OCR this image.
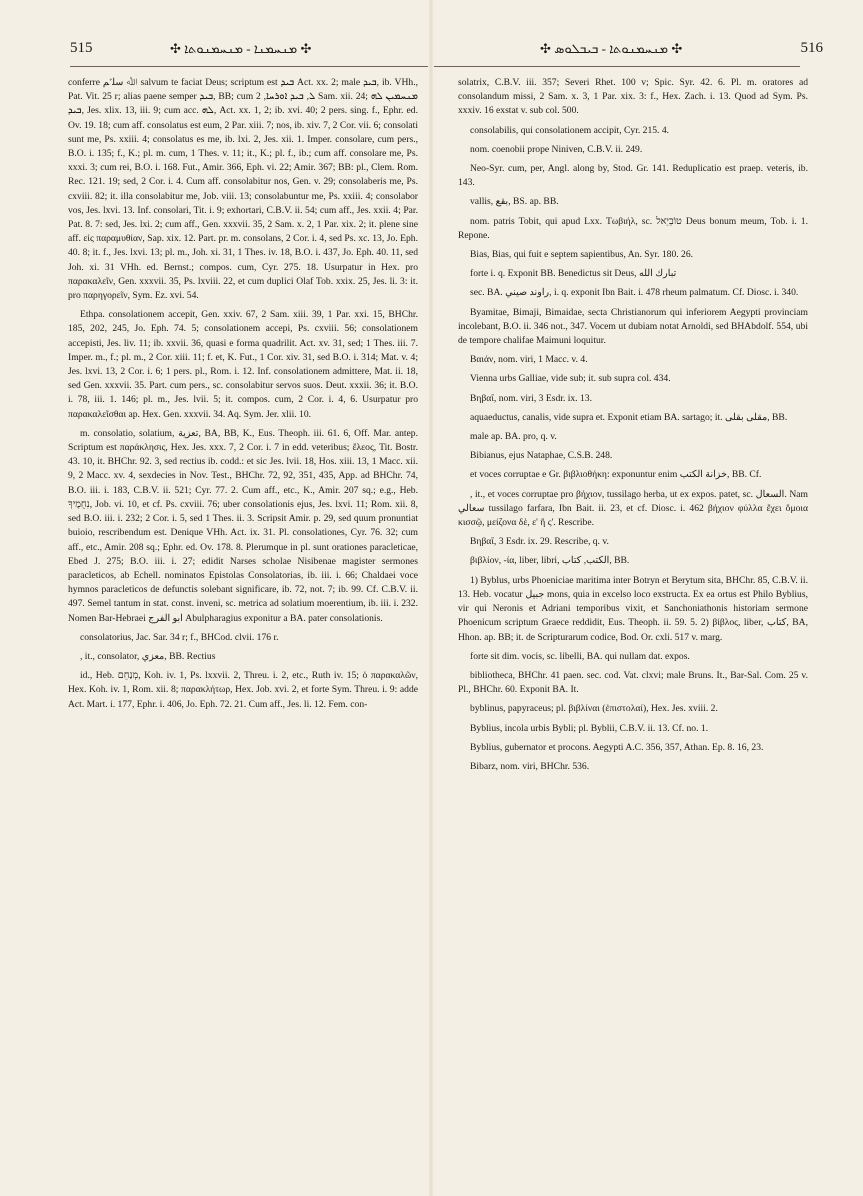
515	✣ ܡܢܚܡܢܐ - ܡܢܚܡܢܘܬܐ ✣	✣ ܡܢܚܡܢܘܬܐ - ܒܝܒܠܘܣ ✣	516

conferre ﷲ ﺳﻠﱠﻢ salvum te faciat Deus; scriptum est ܒܝܕ Act. xx. 2; male ܒܝܕ, ib. VHh., Pat. Vit. 25 r; alias paene semper ܒܝܕ, BB; cum ܠ, ܒܝܕ ܐܘܪܚܐ, 2 Sam. xii. 24; ܡܢܚܡܝܢ ܠܗ ܒܝܕ, Jes. xlix. 13, iii. 9; cum acc. ܠܗ, Act. xx. 1, 2; ib. xvi. 40; 2 pers. sing. f., Ephr. ed. Ov. 19. 18; cum aff. consolatus est eum, 2 Par. xiii. 7; nos, ib. xiv. 7, 2 Cor. vii. 6; consolati sunt me, Ps. xxiii. 4; consolatus es me, ib. lxi. 2, Jes. xii. 1. Imper. consolare, cum pers., B.O. i. 135; f., K.; pl. m. cum, 1 Thes. v. 11; it., K.; pl. f., ib.; cum aff. consolare me, Ps. xxxi. 3; cum rei, B.O. i. 168. Fut., Amir. 366, Eph. vi. 22; Amir. 367; BB: pl., Clem. Rom. Rec. 121. 19; sed, 2 Cor. i. 4. Cum aff. consolabitur nos, Gen. v. 29; consolaberis me, Ps. cxviii. 82; it. illa consolabitur me, Job. viii. 13; consolabuntur me, Ps. xxiii. 4; consolabor vos, Jes. lxvi. 13. Inf. consolari, Tit. i. 9; exhortari, C.B.V. ii. 54; cum aff., Jes. xxii. 4; Par. Pat. 8. 7: sed, Jes. lxi. 2; cum aff., Gen. xxxvii. 35, 2 Sam. x. 2, 1 Par. xix. 2; it. plene sine aff. εἰς παραμυθίαν, Sap. xix. 12. Part. pr. m. consolans, 2 Cor. i. 4, sed Ps. xc. 13, Jo. Eph. 40. 8; it. f., Jes. lxvi. 13; pl. m., Joh. xi. 31, 1 Thes. iv. 18, B.O. i. 437, Jo. Eph. 40. 11, sed Joh. xi. 31 VHh. ed. Bernst.; compos. cum, Cyr. 275. 18. Usurpatur in Hex. pro παρακαλεῖν, Gen. xxxvii. 35, Ps. lxviii. 22, et cum duplici Olaf Tob. xxix. 25, Jes. li. 3: it. pro παρηγορεῖν, Sym. Ez. xvi. 54.

Ethpa. consolationem accepit, Gen. xxiv. 67, 2 Sam. xiii. 39, 1 Par. xxi. 15, BHChr. 185, 202, 245, Jo. Eph. 74. 5; consolationem accepi, Ps. cxviii. 56; consolationem accepisti, Jes. liv. 11; ib. xxvii. 36, quasi e forma quadrilit. Act. xv. 31, sed; 1 Thes. iii. 7. Imper. m., f.; pl. m., 2 Cor. xiii. 11; f. et, K. Fut., 1 Cor. xiv. 31, sed B.O. i. 314; Mat. v. 4; Jes. lxvi. 13, 2 Cor. i. 6; 1 pers. pl., Rom. i. 12. Inf. consolationem admittere, Mat. ii. 18, sed Gen. xxxvii. 35. Part. cum pers., sc. consolabitur servos suos. Deut. xxxii. 36; it. B.O. i. 78, iii. 1. 146; pl. m., Jes. lvii. 5; it. compos. cum, 2 Cor. i. 4, 6. Usurpatur pro παρακαλεῖσθαι ap. Hex. Gen. xxxvii. 34. Aq. Sym. Jer. xlii. 10.

m. consolatio, solatium, ﺗﻌﺰﻳﺔ, BA, BB, K., Eus. Theoph. iii. 61. 6, Off. Mar. antep. Scriptum est παράκλησις, Hex. Jes. xxx. 7, 2 Cor. i. 7 in edd. veteribus; ἔλεος, Tit. Bostr. 43. 10, it. BHChr. 92. 3, sed rectius ib. codd.: et sic Jes. lvii. 18, Hos. xiii. 13, 1 Macc. xii. 9, 2 Macc. xv. 4, sexdecies in Nov. Test., BHChr. 72, 92, 351, 435, App. ad BHChr. 74, B.O. iii. i. 183, C.B.V. ii. 521; Cyr. 77. 2. Cum aff., etc., K., Amir. 207 sq.; e.g., Heb. נִחֻמֶיךָ, Job. vi. 10, et cf. Ps. cxviii. 76; uber consolationis ejus, Jes. lxvi. 11; Rom. xii. 8, sed B.O. iii. i. 232; 2 Cor. i. 5, sed 1 Thes. ii. 3. Scripsit Amir. p. 29, sed quum pronuntiat buioio, rescribendum est. Denique VHh. Act. ix. 31. Pl. consolationes, Cyr. 76. 32; cum aff., etc., Amir. 208 sq.; Ephr. ed. Ov. 178. 8. Plerumque in pl. sunt orationes paracleticae, Ebed J. 275; B.O. iii. i. 27; edidit Narses scholae Nisibenae magister sermones paracleticos, ab Echell. nominatos Epistolas Consolatorias, ib. iii. i. 66; Chaldaei voce hymnos paracleticos de defunctis solebant significare, ib. 72, not. 7; ib. 99. Cf. C.B.V. ii. 497. Semel tantum in stat. const. inveni, sc. metrica ad solatium moerentium, ib. iii. i. 232. Nomen Bar-Hebraei ﺍﺑﻮ ﺍﻟﻔﺮﺝ Abulpharagius exponitur a BA. pater consolationis.

consolatorius, Jac. Sar. 34 r; f., BHCod. clvii. 176 r.

, it., consolator, ﻣﻌﺰﻱ, BB. Rectius

id., Heb. מְנַחֵם, Koh. iv. 1, Ps. lxxvii. 2, Threu. i. 2, etc., Ruth iv. 15; ὁ παρακαλῶν, Hex. Koh. iv. 1, Rom. xii. 8; παρακλήτωρ, Hex. Job. xvi. 2, et forte Sym. Threu. i. 9: adde Act. Mart. i. 177, Ephr. i. 406, Jo. Eph. 72. 21. Cum aff., Jes. li. 12. Fem. con-

solatrix, C.B.V. iii. 357; Severi Rhet. 100 v; Spic. Syr. 42. 6. Pl. m. oratores ad consolandum missi, 2 Sam. x. 3, 1 Par. xix. 3: f., Hex. Zach. i. 13. Quod ad Sym. Ps. xxxiv. 16 exstat v. sub col. 500.

consolabilis, qui consolationem accipit, Cyr. 215. 4.

nom. coenobii prope Niniven, C.B.V. ii. 249.

Neo-Syr. cum, per, Angl. along by, Stod. Gr. 141. Reduplicatio est praep. veteris, ib. 143.

vallis, ﺑﻘﻊ, BS. ap. BB.

nom. patris Tobit, qui apud Lxx. Τωβιήλ, sc. טוֹבְיֵאל Deus bonum meum, Tob. i. 1. Repone.

Bias, Bias, qui fuit e septem sapientibus, An. Syr. 180. 26.

forte i. q. Exponit BB. Benedictus sit Deus, ﺗﺒﺎﺭﻙ ﺍﻟﻠﻪ

sec. BA. ﺭﺍﻭﻧﺪ ﺻﻴﻨﻲ, i. q. exponit Ibn Bait. i. 478 rheum palmatum. Cf. Diosc. i. 340.

Byamitae, Bimaji, Bimaidae, secta Christianorum qui inferiorem Aegypti provinciam incolebant, B.O. ii. 346 not., 347. Vocem ut dubiam notat Arnoldi, sed BHAbdolf. 554, ubi de tempore chalifae Maimuni loquitur.

Βαιάν, nom. viri, 1 Macc. v. 4.

Vienna urbs Galliae, vide sub; it. sub supra col. 434.

Βηβαΐ, nom. viri, 3 Esdr. ix. 13.

aquaeductus, canalis, vide supra et. Exponit etiam BA. sartago; it. ﻣﻘﻠﻰ ﺑﻘﻠﻰ, BB.

male ap. BA. pro, q. v.

Bibianus, ejus Nataphae, C.S.B. 248.

et voces corruptae e Gr. βιβλιοθήκη: exponuntur enim ﺧﺰﺍﻧﺔ ﺍﻟﻜﺘﺐ, BB. Cf.

, it., et voces corruptae pro βήχιον, tussilago herba, ut ex expos. patet, sc. ﺍﻟﺴﻌﺎﻝ. Nam ﺳﻌﺎﻟﻲ tussilago farfara, Ibn Bait. ii. 23, et cf. Diosc. i. 462 βήχιον φύλλα ἔχει ὅμοια κισσῷ, μείζονα δὲ, ε' ἢ ς'. Rescribe.

Βηβαΐ, 3 Esdr. ix. 29. Rescribe, q. v.

βιβλίον, -ία, liber, libri, ﺍﻟﻜﺘﺐ, ﻛﺘﺎﺏ, BB.

1) Byblus, urbs Phoeniciae maritima inter Botryn et Berytum sita, BHChr. 85, C.B.V. ii. 13. Heb. vocatur ﺟﺒﻴﻞ mons, quia in excelso loco exstructa. Ex ea ortus est Philo Byblius, vir qui Neronis et Adriani temporibus vixit, et Sanchoniathonis historiam sermone Phoenicum scriptum Graece reddidit, Eus. Theoph. ii. 59. 5. 2) βίβλος, liber, ﻛﺘﺎﺏ, BA, Hhon. ap. BB; it. de Scripturarum codice, Bod. Or. cxli. 517 v. marg.

forte sit dim. vocis, sc. libelli, BA. qui nullam dat. expos.

bibliotheca, BHChr. 41 paen. sec. cod. Vat. clxvi; male Bruns. It., Bar-Sal. Com. 25 v. Pl., BHChr. 60. Exponit BA. It.

byblinus, papyraceus; pl. βιβλίναι (ἐπιστολαί), Hex. Jes. xviii. 2.

Byblius, incola urbis Bybli; pl. Byblii, C.B.V. ii. 13. Cf. no. 1.

Byblius, gubernator et procons. Aegypti A.C. 356, 357, Athan. Ep. 8. 16, 23.

Bibarz, nom. viri, BHChr. 536.
